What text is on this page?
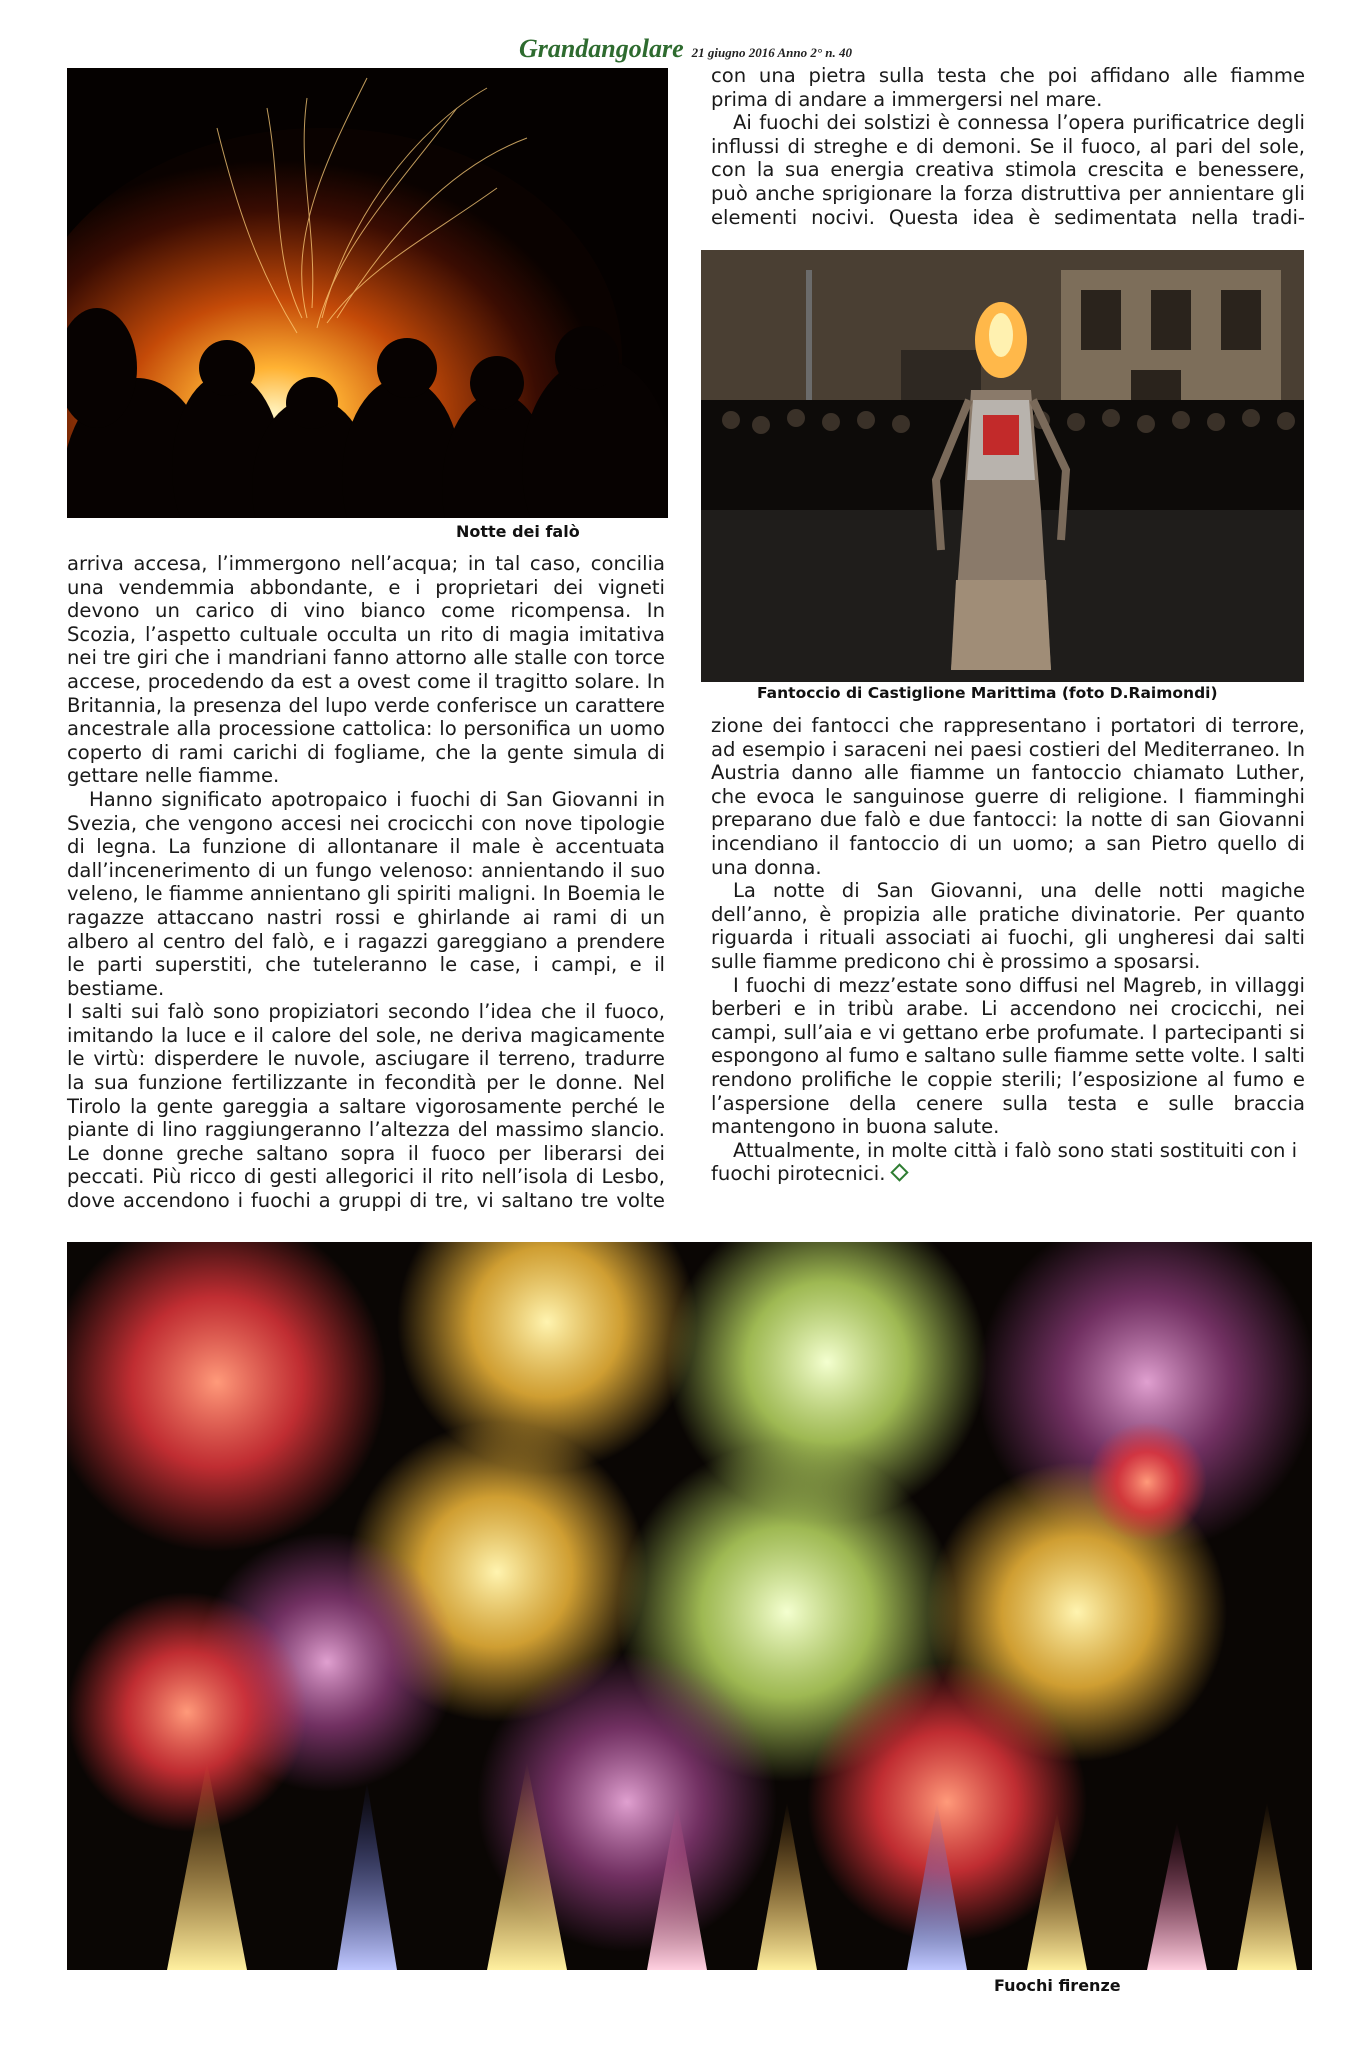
Grandangolare 21 giugno 2016 Anno 2° n. 40
Notte dei falò

con una pietra sulla testa che poi affidano alle fiamme prima di andare a immergersi nel mare.

Ai fuochi dei solstizi è connessa l’opera purificatrice degli influssi di streghe e di demoni. Se il fuoco, al pari del sole, con la sua energia creativa stimola crescita e benessere, può anche sprigionare la forza distruttiva per annientare gli elementi nocivi. Questa idea è sedimentata nella tradi-

Fantoccio di Castiglione Marittima (foto D.Raimondi)

arriva accesa, l’immergono nell’acqua; in tal caso, concilia una vendemmia abbondante, e i proprietari dei vigneti devono un carico di vino bianco come ricompensa. In Scozia, l’aspetto cultuale occulta un rito di magia imitativa nei tre giri che i mandriani fanno attorno alle stalle con torce accese, procedendo da est a ovest come il tragitto solare. In Britannia, la presenza del lupo verde conferisce un carattere ancestrale alla processione cattolica: lo personifica un uomo coperto di rami carichi di fogliame, che la gente simula di gettare nelle fiamme.

Hanno significato apotropaico i fuochi di San Giovanni in Svezia, che vengono accesi nei crocicchi con nove tipologie di legna. La funzione di allontanare il male è accentuata dall’incenerimento di un fungo velenoso: annientando il suo veleno, le fiamme annientano gli spiriti maligni. In Boemia le ragazze attaccano nastri rossi e ghirlande ai rami di un albero al centro del falò, e i ragazzi gareggiano a prendere le parti superstiti, che tuteleranno le case, i campi, e il bestiame.

I salti sui falò sono propiziatori secondo l’idea che il fuoco, imitando la luce e il calore del sole, ne deriva magicamente le virtù: disperdere le nuvole, asciugare il terreno, tradurre la sua funzione fertilizzante in fecondità per le donne. Nel Tirolo la gente gareggia a saltare vigorosamente perché le piante di lino raggiungeranno l’altezza del massimo slancio. Le donne greche saltano sopra il fuoco per liberarsi dei peccati. Più ricco di gesti allegorici il rito nell’isola di Lesbo, dove accendono i fuochi a gruppi di tre, vi saltano tre volte

zione dei fantocci che rappresentano i portatori di terrore, ad esempio i saraceni nei paesi costieri del Mediterraneo. In Austria danno alle fiamme un fantoccio chiamato Luther, che evoca le sanguinose guerre di religione. I fiamminghi preparano due falò e due fantocci: la notte di san Giovanni incendiano il fantoccio di un uomo; a san Pietro quello di una donna.

La notte di San Giovanni, una delle notti magiche dell’anno, è propizia alle pratiche divinatorie. Per quanto riguarda i rituali associati ai fuochi, gli ungheresi dai salti sulle fiamme predicono chi è prossimo a sposarsi.

I fuochi di mezz’estate sono diffusi nel Magreb, in villaggi berberi e in tribù arabe. Li accendono nei crocicchi, nei campi, sull’aia e vi gettano erbe profumate. I partecipanti si espongono al fumo e saltano sulle fiamme sette volte. I salti rendono prolifiche le coppie sterili; l’esposizione al fumo e l’aspersione della cenere sulla testa e sulle braccia mantengono in buona salute.

Attualmente, in molte città i falò sono stati sostituiti con i fuochi pirotecnici.

Fuochi firenze
